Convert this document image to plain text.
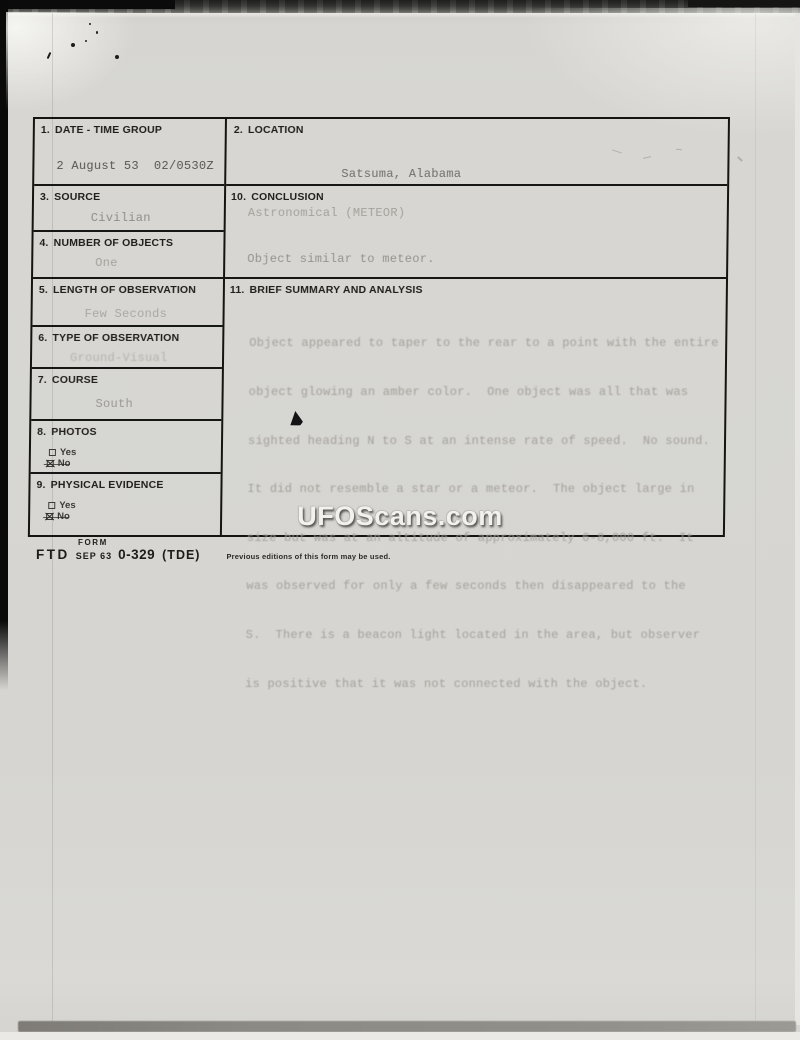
1. DATE - TIME GROUP
2 August 53  02/0530Z
3. SOURCE
Civilian
4. NUMBER OF OBJECTS
One
5. LENGTH OF OBSERVATION
Few Seconds
6. TYPE OF OBSERVATION
Ground-Visual
7. COURSE
South
8. PHOTOS
Yes
9. PHYSICAL EVIDENCE
Yes
2. LOCATION
Satsuma, Alabama
10. CONCLUSION
Astronomical (METEOR)
Object similar to meteor.
11. BRIEF SUMMARY AND ANALYSIS

Object appeared to taper to the rear to a point with the entire

object glowing an amber color.  One object was all that was

sighted heading N to S at an intense rate of speed.  No sound.

It did not resemble a star or a meteor.  The object large in

size but was at an altitude of approximately 6-8,000 ft.  It

was observed for only a few seconds then disappeared to the

S.  There is a beacon light located in the area, but observer

is positive that it was not connected with the object.

UFOScans.com
FORM
FTD SEP 63 0-329 (TDE)	Previous editions of this form may be used.
